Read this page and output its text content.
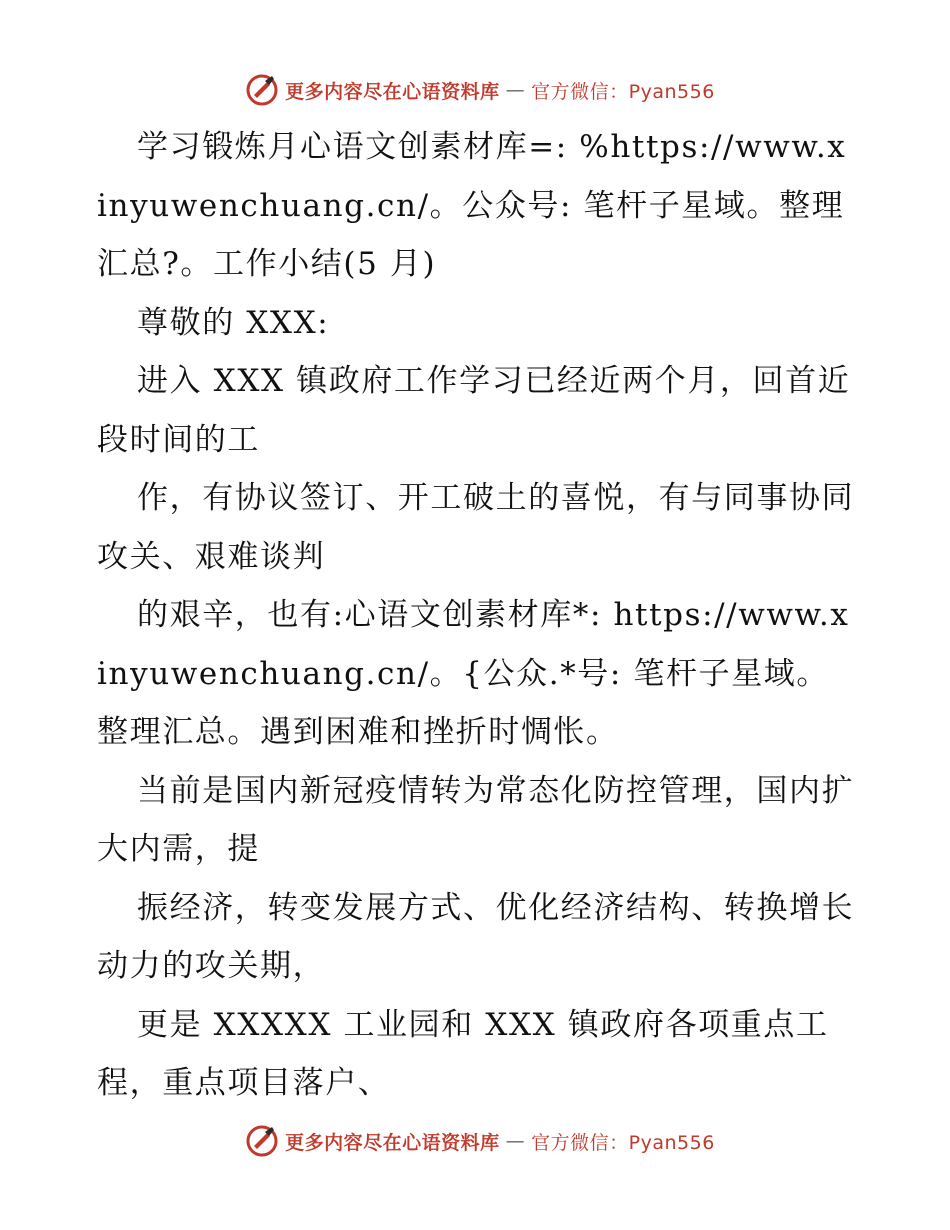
更多内容尽在心语资料库 — 官方微信：Pyan556

学习锻炼月心语文创素材库=: %https://www.xinyuwenchuang.cn/。公众号: 笔杆子星域。整理汇总?。工作小结(5 月)

尊敬的 XXX:

进入 XXX 镇政府工作学习已经近两个月，回首近段时间的工

作，有协议签订、开工破土的喜悦，有与同事协同攻关、艰难谈判

的艰辛，也有:心语文创素材库*: https://www.xinyuwenchuang.cn/。{公众.*号: 笔杆子星域。整理汇总。遇到困难和挫折时惆怅。

当前是国内新冠疫情转为常态化防控管理，国内扩大内需，提

振经济，转变发展方式、优化经济结构、转换增长动力的攻关期，

更是 XXXXX 工业园和 XXX 镇政府各项重点工程，重点项目落户、

更多内容尽在心语资料库 — 官方微信：Pyan556
